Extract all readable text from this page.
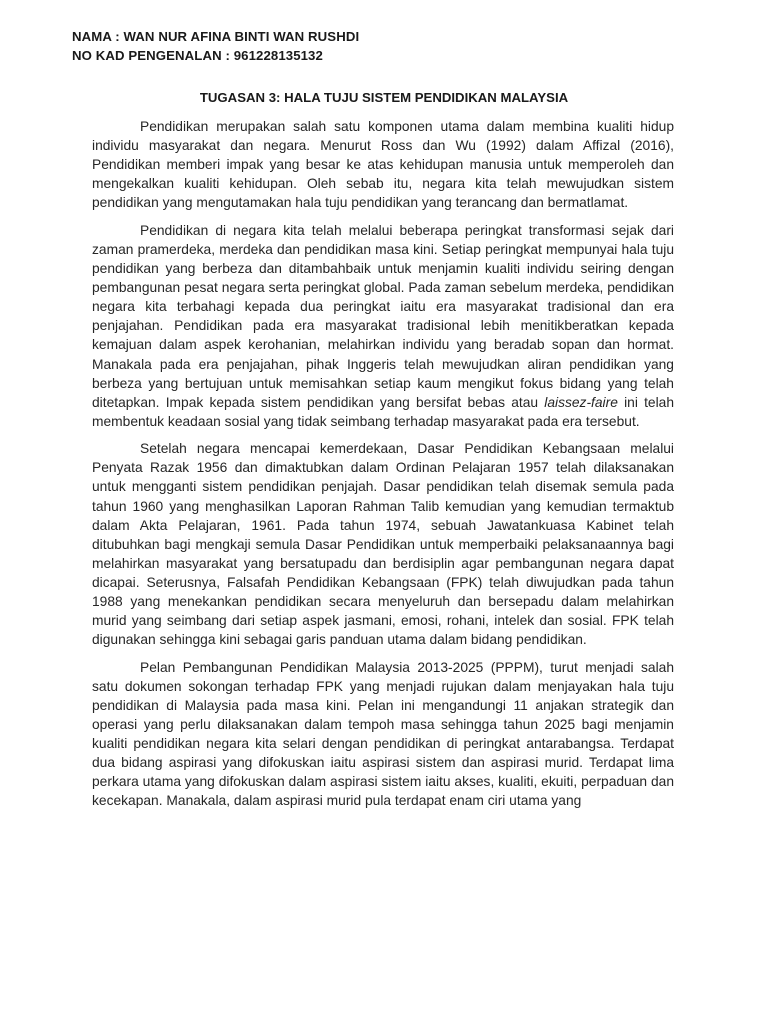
NAMA : WAN NUR AFINA BINTI WAN RUSHDI
NO KAD PENGENALAN : 961228135132
TUGASAN 3: HALA TUJU SISTEM PENDIDIKAN MALAYSIA

Pendidikan merupakan salah satu komponen utama dalam membina kualiti hidup individu masyarakat dan negara. Menurut Ross dan Wu (1992) dalam Affizal (2016), Pendidikan memberi impak yang besar ke atas kehidupan manusia untuk memperoleh dan mengekalkan kualiti kehidupan. Oleh sebab itu, negara kita telah mewujudkan sistem pendidikan yang mengutamakan hala tuju pendidikan yang terancang dan bermatlamat.

Pendidikan di negara kita telah melalui beberapa peringkat transformasi sejak dari zaman pramerdeka, merdeka dan pendidikan masa kini. Setiap peringkat mempunyai hala tuju pendidikan yang berbeza dan ditambahbaik untuk menjamin kualiti individu seiring dengan pembangunan pesat negara serta peringkat global. Pada zaman sebelum merdeka, pendidikan negara kita terbahagi kepada dua peringkat iaitu era masyarakat tradisional dan era penjajahan. Pendidikan pada era masyarakat tradisional lebih menitikberatkan kepada kemajuan dalam aspek kerohanian, melahirkan individu yang beradab sopan dan hormat. Manakala pada era penjajahan, pihak Inggeris telah mewujudkan aliran pendidikan yang berbeza yang bertujuan untuk memisahkan setiap kaum mengikut fokus bidang yang telah ditetapkan. Impak kepada sistem pendidikan yang bersifat bebas atau laissez-faire ini telah membentuk keadaan sosial yang tidak seimbang terhadap masyarakat pada era tersebut.

Setelah negara mencapai kemerdekaan, Dasar Pendidikan Kebangsaan melalui Penyata Razak 1956 dan dimaktubkan dalam Ordinan Pelajaran 1957 telah dilaksanakan untuk mengganti sistem pendidikan penjajah. Dasar pendidikan telah disemak semula pada tahun 1960 yang menghasilkan Laporan Rahman Talib kemudian yang kemudian termaktub dalam Akta Pelajaran, 1961. Pada tahun 1974, sebuah Jawatankuasa Kabinet telah ditubuhkan bagi mengkaji semula Dasar Pendidikan untuk memperbaiki pelaksanaannya bagi melahirkan masyarakat yang bersatupadu dan berdisiplin agar pembangunan negara dapat dicapai. Seterusnya, Falsafah Pendidikan Kebangsaan (FPK) telah diwujudkan pada tahun 1988 yang menekankan pendidikan secara menyeluruh dan bersepadu dalam melahirkan murid yang seimbang dari setiap aspek jasmani, emosi, rohani, intelek dan sosial. FPK telah digunakan sehingga kini sebagai garis panduan utama dalam bidang pendidikan.

Pelan Pembangunan Pendidikan Malaysia 2013-2025 (PPPM), turut menjadi salah satu dokumen sokongan terhadap FPK yang menjadi rujukan dalam menjayakan hala tuju pendidikan di Malaysia pada masa kini. Pelan ini mengandungi 11 anjakan strategik dan operasi yang perlu dilaksanakan dalam tempoh masa sehingga tahun 2025 bagi menjamin kualiti pendidikan negara kita selari dengan pendidikan di peringkat antarabangsa. Terdapat dua bidang aspirasi yang difokuskan iaitu aspirasi sistem dan aspirasi murid. Terdapat lima perkara utama yang difokuskan dalam aspirasi sistem iaitu akses, kualiti, ekuiti, perpaduan dan kecekapan. Manakala, dalam aspirasi murid pula terdapat enam ciri utama yang
